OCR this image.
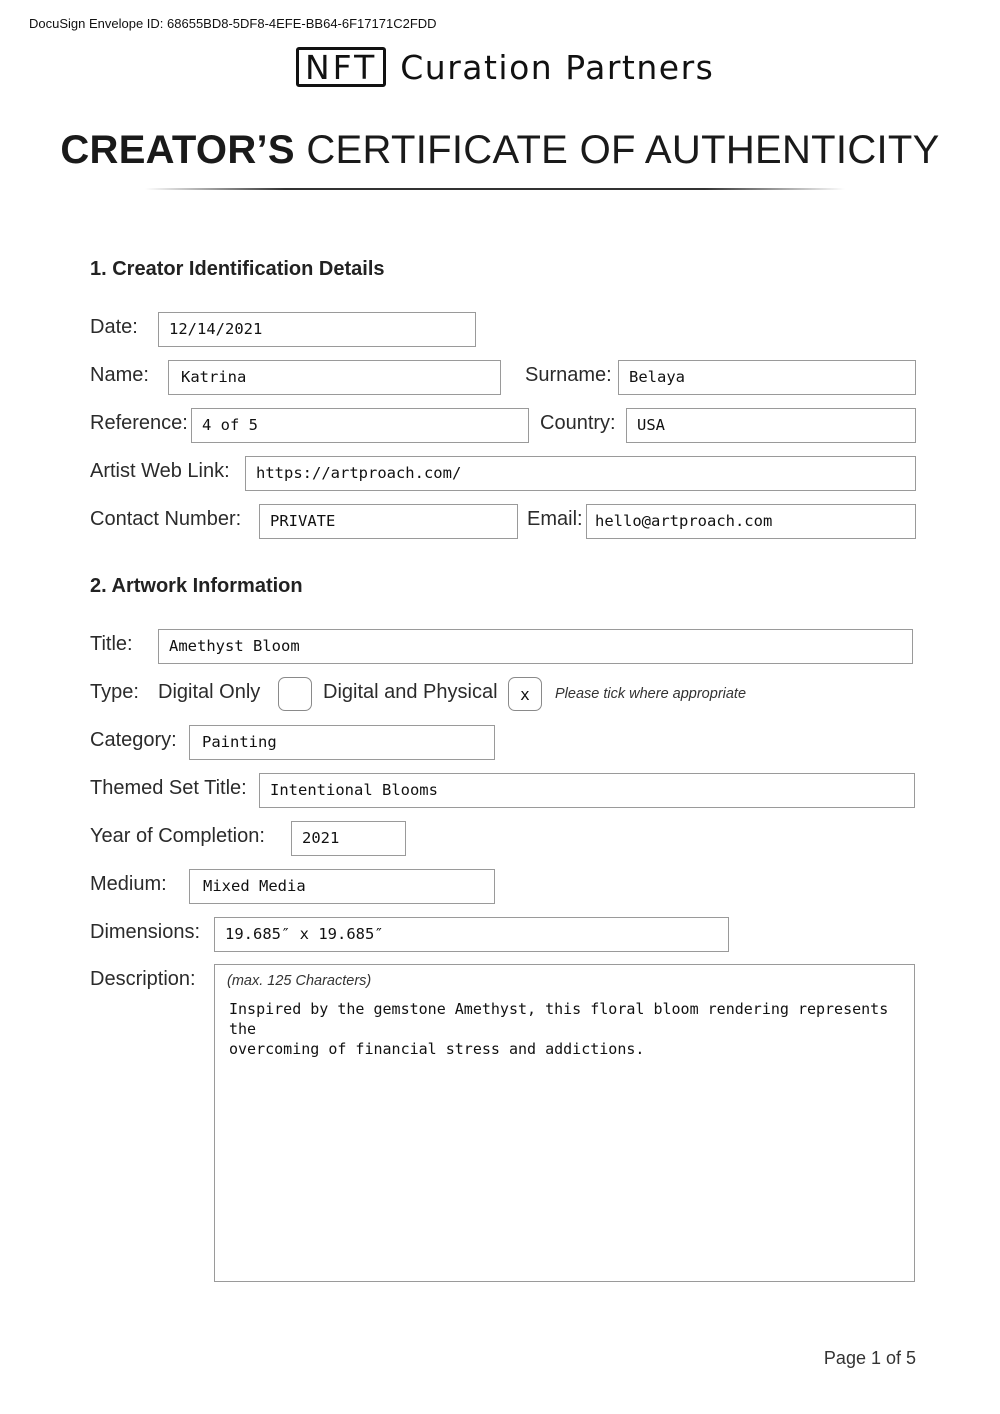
DocuSign Envelope ID: 68655BD8-5DF8-4EFE-BB64-6F17171C2FDD
NFT Curation Partners
CREATOR’S CERTIFICATE OF AUTHENTICITY
1. Creator Identification Details
Date:	12/14/2021
Name:	Katrina	Surname:	Belaya
Reference: 4 of 5	Country:	USA
Artist Web Link:	https://artproach.com/
Contact Number:	PRIVATE	Email: hello@artproach.com
2. Artwork Information
Title:	Amethyst Bloom
Type: Digital Only	Digital and Physical	x	Please tick where appropriate
Category:	Painting
Themed Set Title:	Intentional Blooms
Year of Completion:	2021
Medium:	Mixed Media
Dimensions:	19.685″ x 19.685″
Description: (max. 125 Characters)
Inspired by the gemstone Amethyst, this floral bloom rendering represents the
overcoming of financial stress and addictions.
Page 1 of 5
